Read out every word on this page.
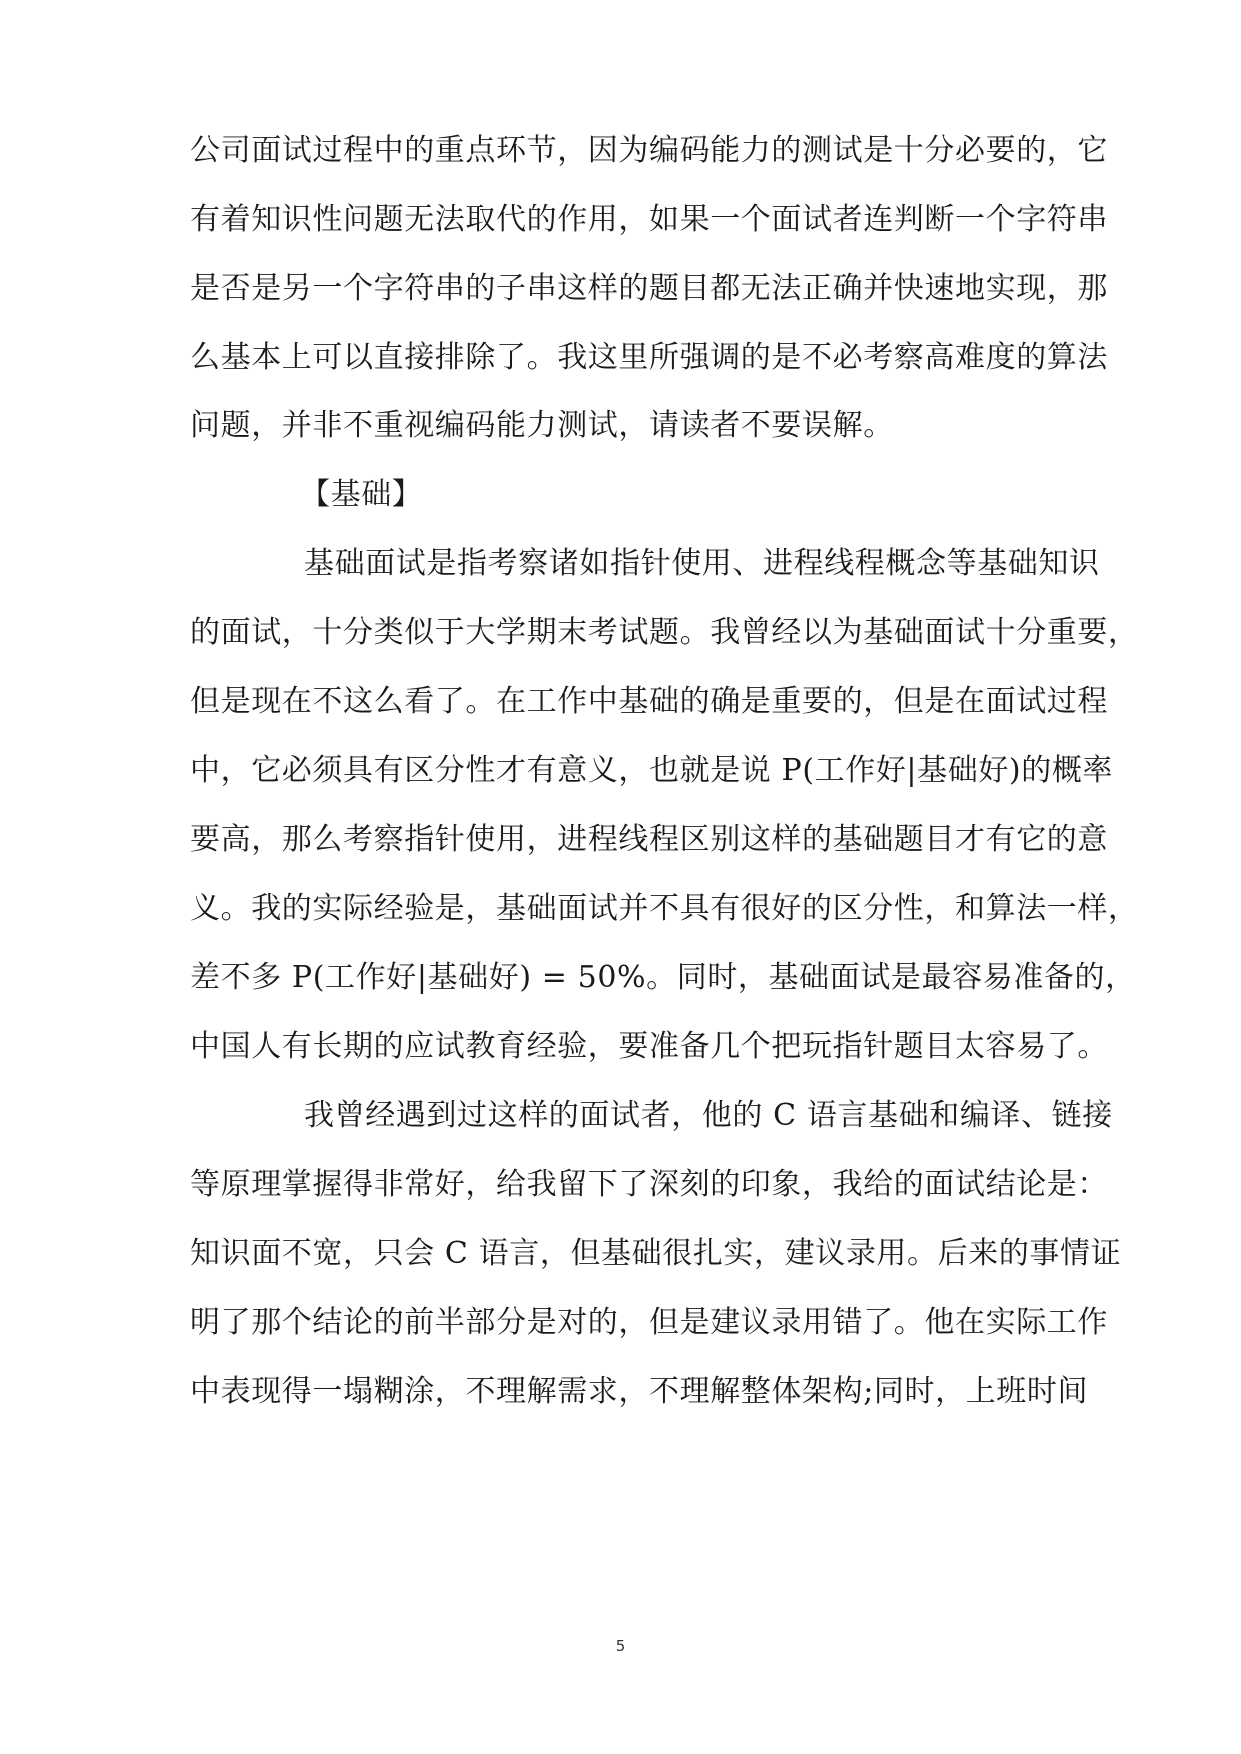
公司面试过程中的重点环节，因为编码能力的测试是十分必要的，它
有着知识性问题无法取代的作用，如果一个面试者连判断一个字符串
是否是另一个字符串的子串这样的题目都无法正确并快速地实现，那
么基本上可以直接排除了。我这里所强调的是不必考察高难度的算法
问题，并非不重视编码能力测试，请读者不要误解。
【基础】
基础面试是指考察诸如指针使用、进程线程概念等基础知识
的面试，十分类似于大学期末考试题。我曾经以为基础面试十分重要，
但是现在不这么看了。在工作中基础的确是重要的，但是在面试过程
中，它必须具有区分性才有意义，也就是说 P(工作好|基础好)的概率
要高，那么考察指针使用，进程线程区别这样的基础题目才有它的意
义。我的实际经验是，基础面试并不具有很好的区分性，和算法一样，
差不多 P(工作好|基础好) = 50%。同时，基础面试是最容易准备的，
中国人有长期的应试教育经验，要准备几个把玩指针题目太容易了。
我曾经遇到过这样的面试者，他的 C 语言基础和编译、链接
等原理掌握得非常好，给我留下了深刻的印象，我给的面试结论是：
知识面不宽，只会 C 语言，但基础很扎实，建议录用。后来的事情证
明了那个结论的前半部分是对的，但是建议录用错了。他在实际工作
中表现得一塌糊涂，不理解需求，不理解整体架构;同时，上班时间
5
